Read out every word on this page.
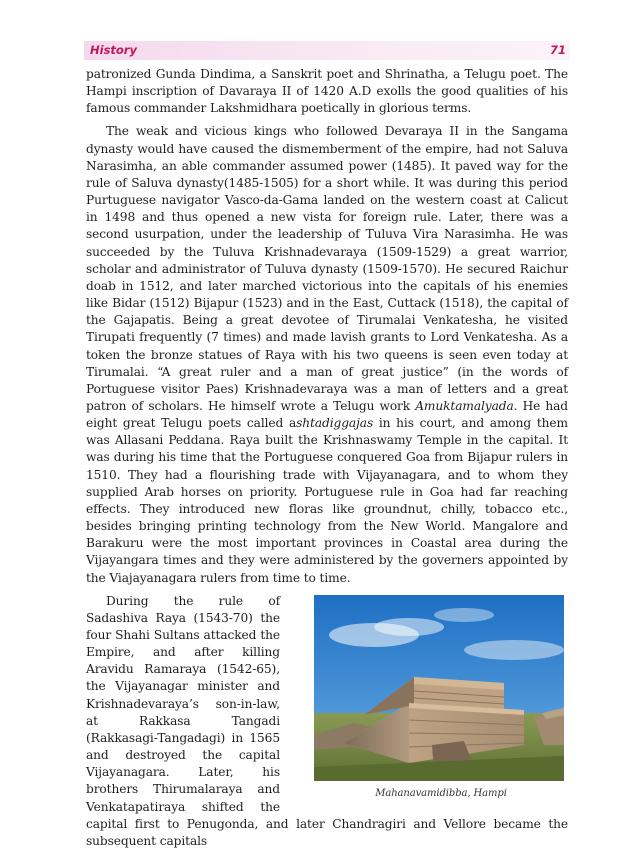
History	71

patronized Gunda Dindima, a Sanskrit poet and Shrinatha, a Telugu poet. The Hampi inscription of Davaraya II of 1420 A.D exolls the good qualities of his famous commander Lakshmidhara poetically in glorious terms.

The weak and vicious kings who followed Devaraya II in the Sangama dynasty would have caused the dismemberment of the empire, had not Saluva Narasimha, an able commander assumed power (1485). It paved way for the rule of Saluva dynasty(1485-1505) for a short while. It was during this period Purtuguese navigator Vasco-da-Gama landed on the western coast at Calicut in 1498 and thus opened a new vista for foreign rule. Later, there was a second usurpation, under the leadership of Tuluva Vira Narasimha. He was succeeded by the Tuluva Krishnadevaraya (1509-1529) a great warrior, scholar and administrator of Tuluva dynasty (1509-1570). He secured Raichur doab in 1512, and later marched victorious into the capitals of his enemies like Bidar (1512) Bijapur (1523) and in the East, Cuttack (1518), the capital of the Gajapatis. Being a great devotee of Tirumalai Venkatesha, he visited Tirupati frequently (7 times) and made lavish grants to Lord Venkatesha. As a token the bronze statues of Raya with his two queens is seen even today at Tirumalai. “A great ruler and a man of great justice” (in the words of Portuguese visitor Paes) Krishnadevaraya was a man of letters and a great patron of scholars. He himself wrote a Telugu work Amuktamalyada. He had eight great Telugu poets called ashtadiggajas in his court, and among them was Allasani Peddana. Raya built the Krishnaswamy Temple in the capital. It was during his time that the Portuguese conquered Goa from Bijapur rulers in 1510. They had a flourishing trade with Vijayanagara, and to whom they supplied Arab horses on priority. Portuguese rule in Goa had far reaching effects. They introduced new floras like groundnut, chilly, tobacco etc., besides bringing printing technology from the New World. Mangalore and Barakuru were the most important provinces in Coastal area during the Vijayangara times and they were administered by the governers appointed by the Viajayanagara rulers from time to time.

Mahanavamidibba, Hampi
During the rule of Sadashiva Raya (1543-70) the four Shahi Sultans attacked the Empire, and after killing Aravidu Ramaraya (1542-65), the Vijayanagar minister and Krishnadevaraya’s son-in-law, at Rakkasa Tangadi (Rakkasagi-Tangadagi) in 1565 and destroyed the capital Vijayanagara. Later, his brothers Thirumalaraya and Venkatapatiraya shifted the capital first to Penugonda, and later Chandragiri and Vellore became the subsequent capitals
